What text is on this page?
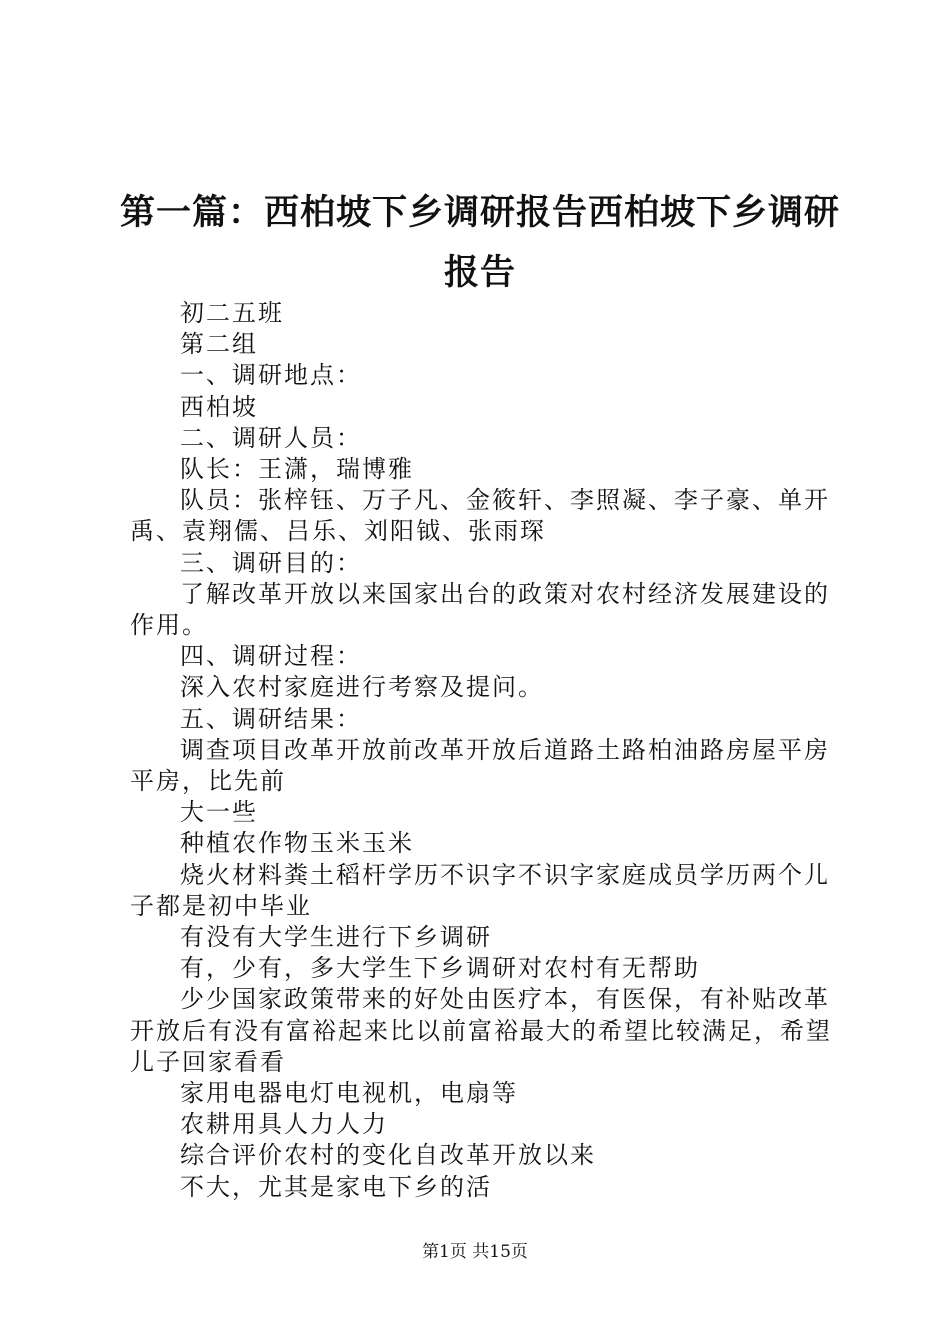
第一篇：西柏坡下乡调研报告西柏坡下乡调研报告

初二五班

第二组

一、调研地点：

西柏坡

二、调研人员：

队长：王潇，瑞博雅

队员：张梓钰、万子凡、金筱轩、李照凝、李子豪、单开禹、袁翔儒、吕乐、刘阳钺、张雨琛

三、调研目的：

了解改革开放以来国家出台的政策对农村经济发展建设的作用。

四、调研过程：

深入农村家庭进行考察及提问。

五、调研结果：

调查项目改革开放前改革开放后道路土路柏油路房屋平房平房，比先前

大一些

种植农作物玉米玉米

烧火材料粪土稻杆学历不识字不识字家庭成员学历两个儿子都是初中毕业

有没有大学生进行下乡调研

有，少有，多大学生下乡调研对农村有无帮助

少少国家政策带来的好处由医疗本，有医保，有补贴改革开放后有没有富裕起来比以前富裕最大的希望比较满足，希望儿子回家看看

家用电器电灯电视机，电扇等

农耕用具人力人力

综合评价农村的变化自改革开放以来

不大，尤其是家电下乡的活

第1页 共15页
